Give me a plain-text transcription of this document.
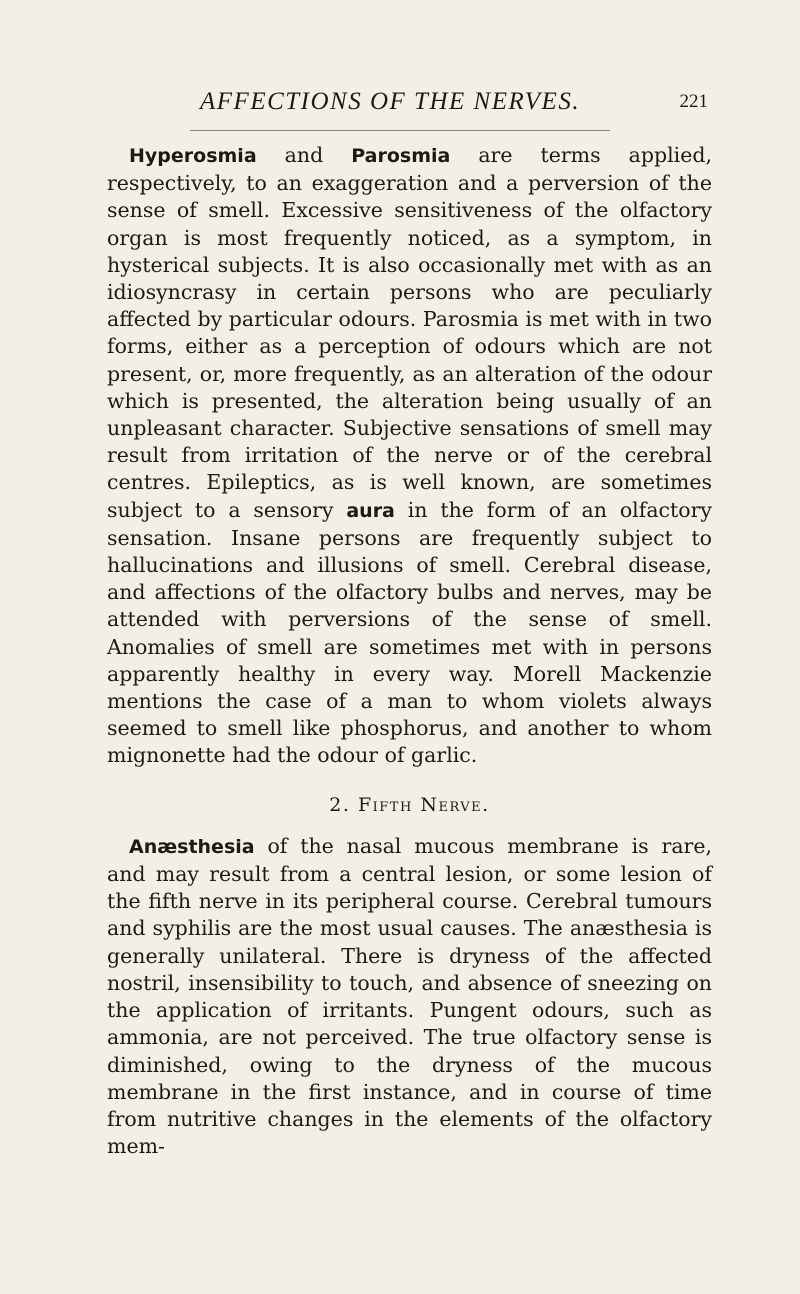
AFFECTIONS OF THE NERVES.	221

Hyperosmia and Parosmia are terms applied, respectively, to an exaggeration and a perversion of the sense of smell. Excessive sensitiveness of the olfactory organ is most frequently noticed, as a symptom, in hysterical subjects. It is also occasionally met with as an idiosyncrasy in certain persons who are peculiarly affected by particular odours. Parosmia is met with in two forms, either as a perception of odours which are not present, or, more frequently, as an alteration of the odour which is presented, the alteration being usually of an unpleasant character. Subjective sensations of smell may result from irritation of the nerve or of the cerebral centres. Epileptics, as is well known, are sometimes subject to a sensory aura in the form of an olfactory sensation. Insane persons are frequently subject to hallucinations and illusions of smell. Cerebral disease, and affections of the olfactory bulbs and nerves, may be attended with perversions of the sense of smell. Anomalies of smell are sometimes met with in persons apparently healthy in every way. Morell Mackenzie mentions the case of a man to whom violets always seemed to smell like phosphorus, and another to whom mignonette had the odour of garlic.

2. Fifth Nerve.

Anæsthesia of the nasal mucous membrane is rare, and may result from a central lesion, or some lesion of the fifth nerve in its peripheral course. Cerebral tumours and syphilis are the most usual causes. The anæsthesia is generally unilateral. There is dryness of the affected nostril, insensibility to touch, and absence of sneezing on the application of irritants. Pungent odours, such as ammonia, are not perceived. The true olfactory sense is diminished, owing to the dryness of the mucous membrane in the first instance, and in course of time from nutritive changes in the elements of the olfactory mem-
